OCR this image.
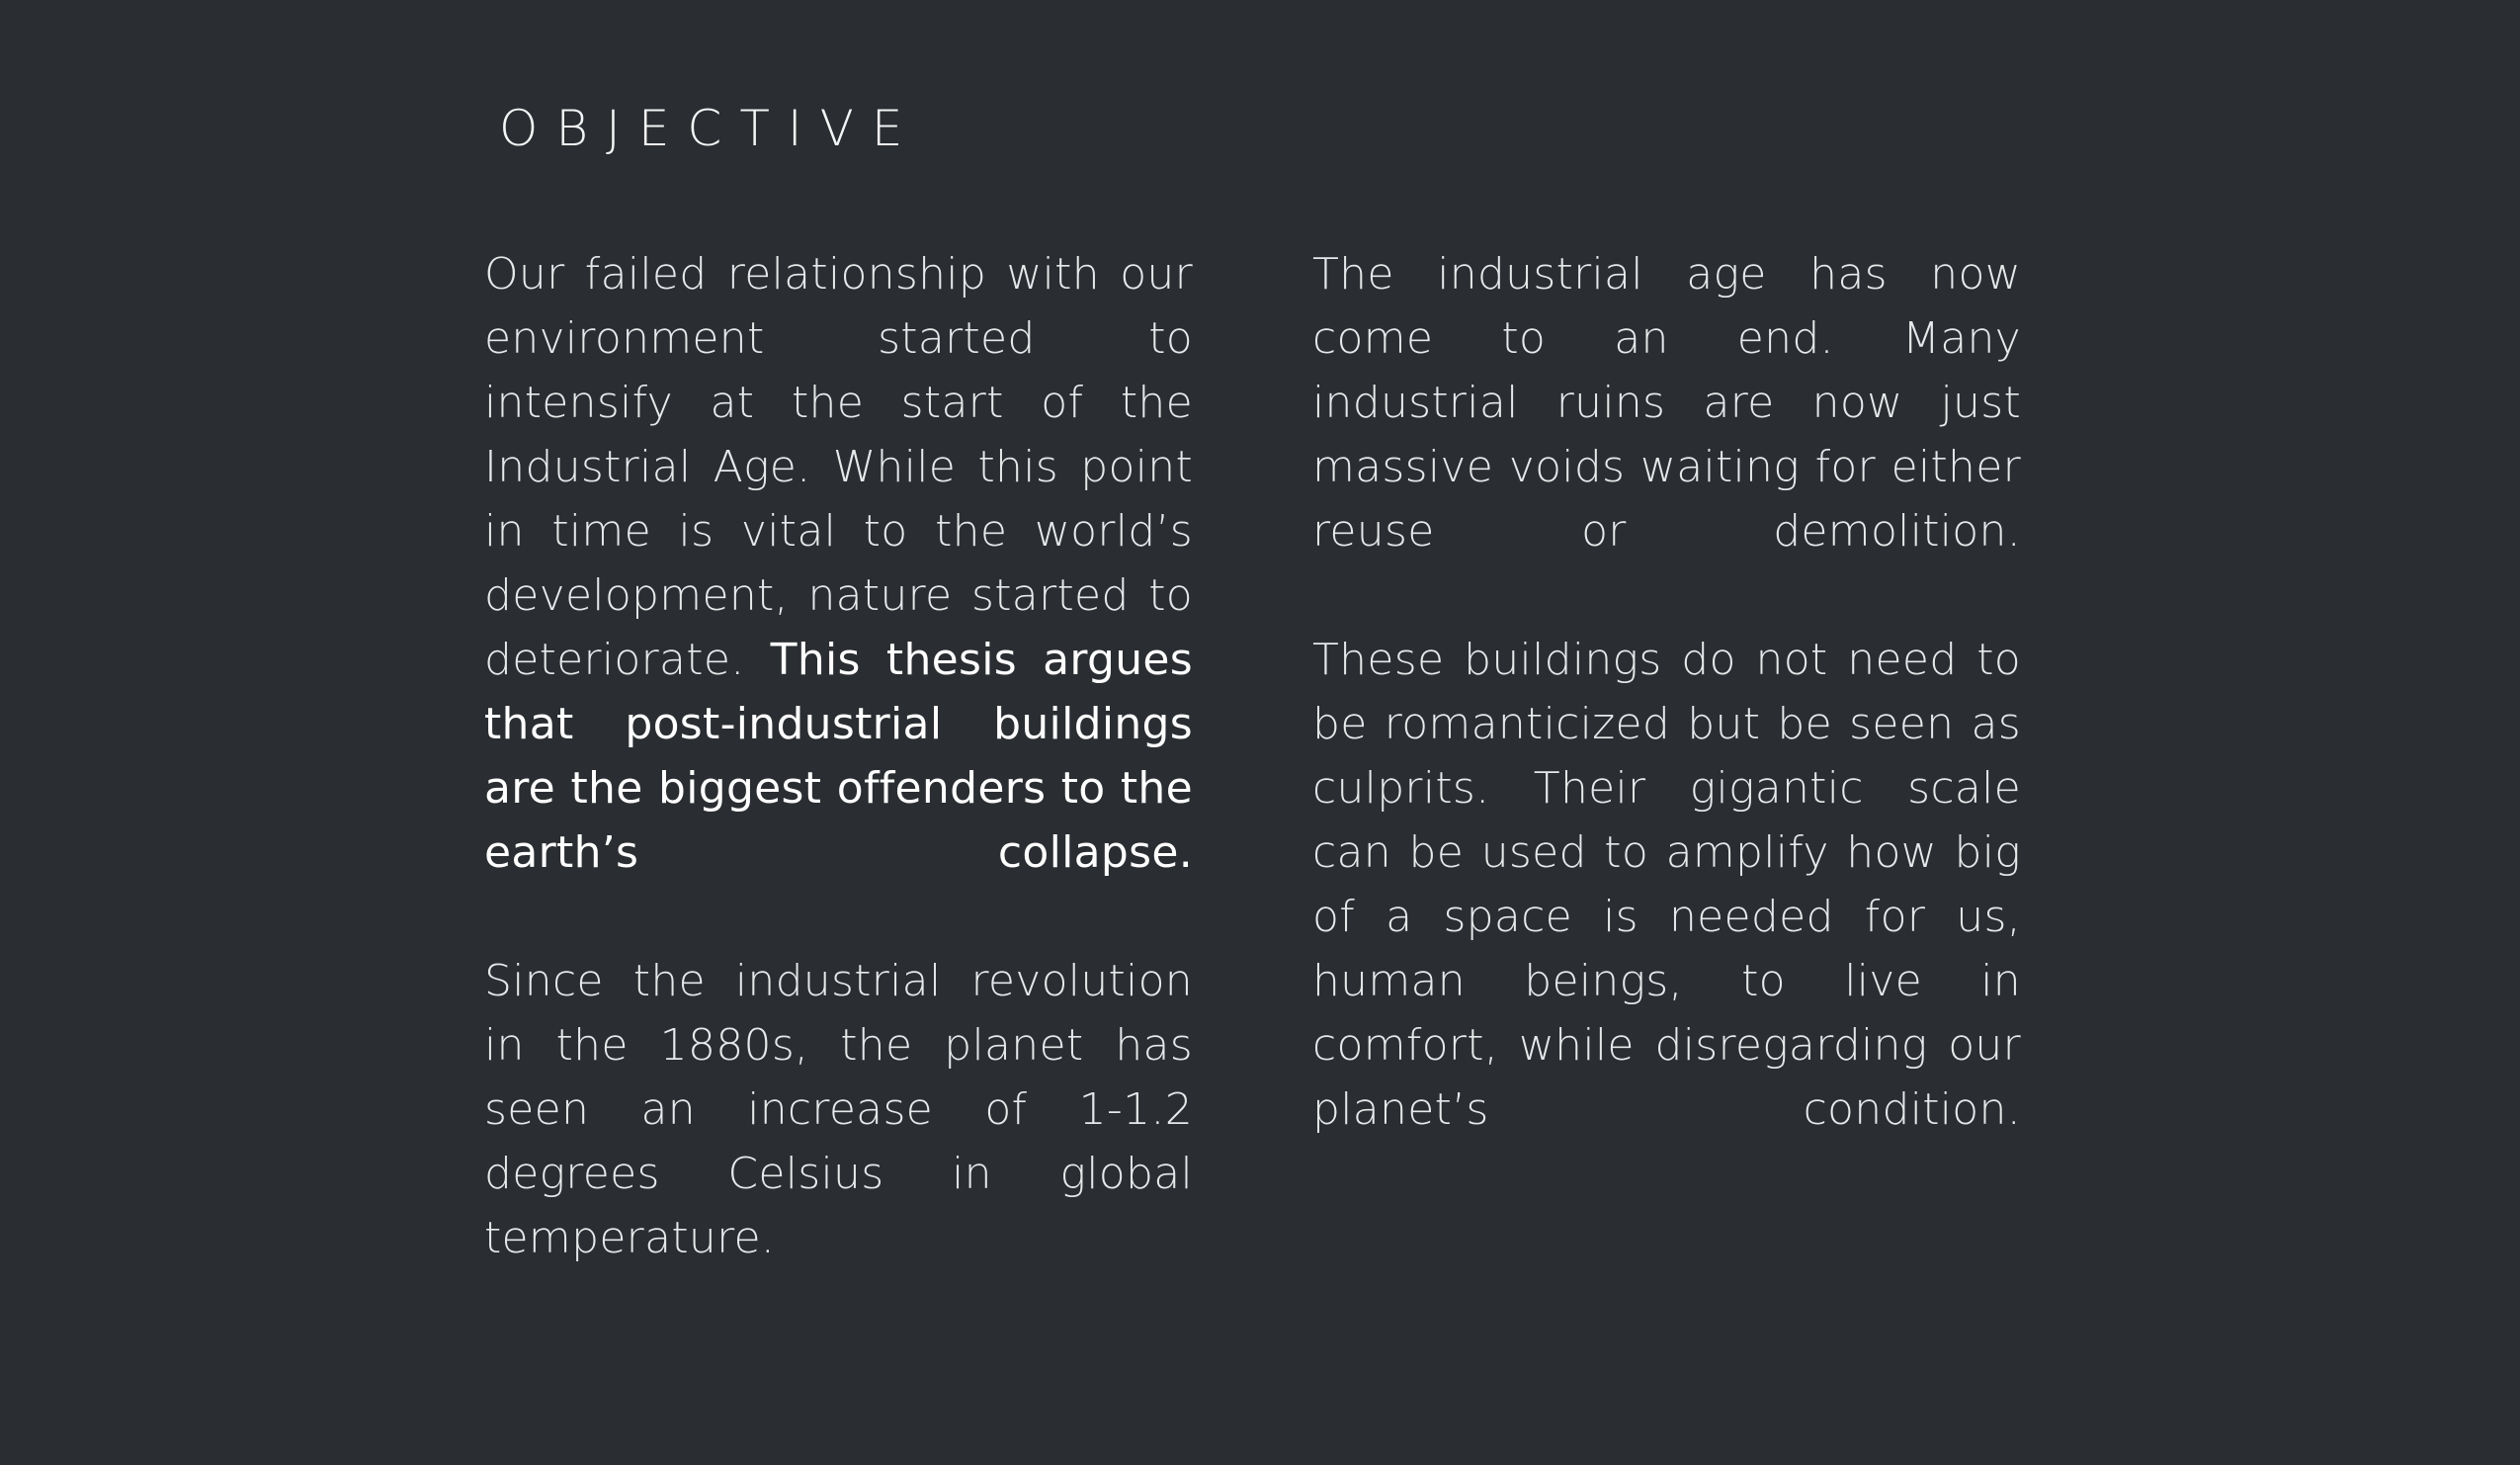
OBJECTIVE

Our failed relationship with our environment started to intensify at the start of the Industrial Age. While this point in time is vital to the world’s development, nature started to deteriorate. This thesis argues that post-industrial buildings are the biggest offenders to the earth’s collapse.

Since the industrial revolution in the 1880s, the planet has seen an increase of 1-1.2 degrees Celsius in global temperature.

The industrial age has now come to an end. Many industrial ruins are now just massive voids waiting for either reuse or demolition.

These buildings do not need to be romanticized but be seen as culprits. Their gigantic scale can be used to amplify how big of a space is needed for us, human beings, to live in comfort, while disregarding our planet’s condition.
